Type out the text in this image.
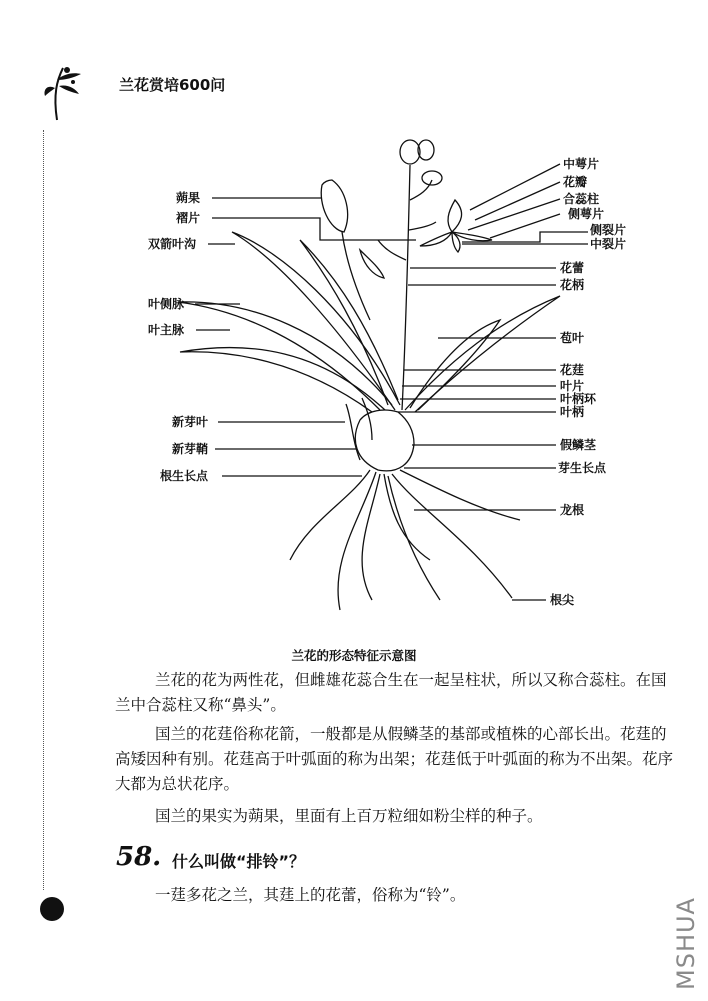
兰花赏培600问
蒴果
褶片
双箭叶沟
叶侧脉
叶主脉
新芽叶
新芽鞘
根生长点
中萼片
花瓣
合蕊柱
侧萼片
侧裂片
中裂片
花蕾
花柄
苞叶
花莛
叶片
叶柄环
叶柄
假鳞茎
芽生长点
龙根
根尖
兰花的形态特征示意图

兰花的花为两性花，但雌雄花蕊合生在一起呈柱状，所以又称合蕊柱。在国兰中合蕊柱又称“鼻头”。

国兰的花莛俗称花箭，一般都是从假鳞茎的基部或植株的心部长出。花莛的高矮因种有别。花莛高于叶弧面的称为出架；花莛低于叶弧面的称为不出架。花序大都为总状花序。

国兰的果实为蒴果，里面有上百万粒细如粉尘样的种子。

58. 什么叫做“排铃”？

一莛多花之兰，其莛上的花蕾，俗称为“铃”。

MSHUA
